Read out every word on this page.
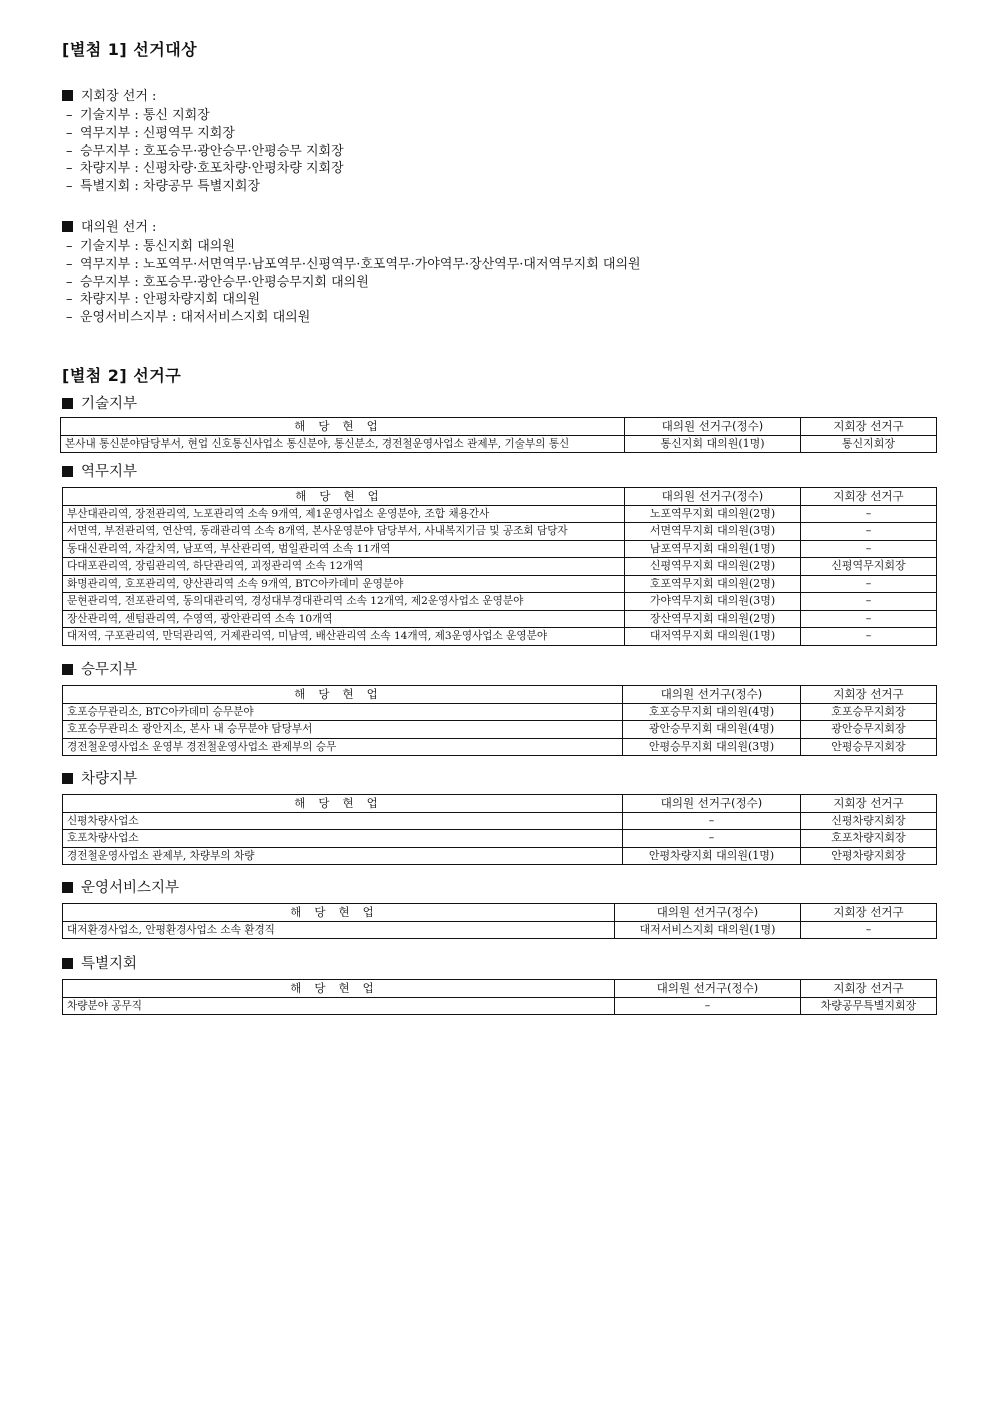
[별첨 1] 선거대상
지회장 선거 :
– 기술지부 : 통신 지회장
– 역무지부 : 신평역무 지회장
– 승무지부 : 호포승무·광안승무·안평승무 지회장
– 차량지부 : 신평차량·호포차량·안평차량 지회장
– 특별지회 : 차량공무 특별지회장
대의원 선거 :
– 기술지부 : 통신지회 대의원
– 역무지부 : 노포역무·서면역무·남포역무·신평역무·호포역무·가야역무·장산역무·대저역무지회 대의원
– 승무지부 : 호포승무·광안승무·안평승무지회 대의원
– 차량지부 : 안평차량지회 대의원
– 운영서비스지부 : 대저서비스지회 대의원
[별첨 2] 선거구
기술지부
해당현업	대의원 선거구(정수)	지회장 선거구
본사내 통신분야담당부서, 현업 신호통신사업소 통신분야, 통신분소, 경전철운영사업소 관제부, 기술부의 통신	통신지회 대의원(1명)	통신지회장
역무지부
해당현업	대의원 선거구(정수)	지회장 선거구
부산대관리역, 장전관리역, 노포관리역 소속 9개역, 제1운영사업소 운영분야, 조합 채용간사	노포역무지회 대의원(2명)	–
서면역, 부전관리역, 연산역, 동래관리역 소속 8개역, 본사운영분야 담당부서, 사내복지기금 및 공조회 담당자	서면역무지회 대의원(3명)	–
동대신관리역, 자갈치역, 남포역, 부산관리역, 범일관리역 소속 11개역	남포역무지회 대의원(1명)	–
다대포관리역, 장림관리역, 하단관리역, 괴정관리역 소속 12개역	신평역무지회 대의원(2명)	신평역무지회장
화명관리역, 호포관리역, 양산관리역 소속 9개역, BTC아카데미 운영분야	호포역무지회 대의원(2명)	–
문현관리역, 전포관리역, 동의대관리역, 경성대부경대관리역 소속 12개역, 제2운영사업소 운영분야	가야역무지회 대의원(3명)	–
장산관리역, 센텀관리역, 수영역, 광안관리역 소속 10개역	장산역무지회 대의원(2명)	–
대저역, 구포관리역, 만덕관리역, 거제관리역, 미남역, 배산관리역 소속 14개역, 제3운영사업소 운영분야	대저역무지회 대의원(1명)	–
승무지부
해당현업	대의원 선거구(정수)	지회장 선거구
호포승무관리소, BTC아카데미 승무분야	호포승무지회 대의원(4명)	호포승무지회장
호포승무관리소 광안지소, 본사 내 승무분야 담당부서	광안승무지회 대의원(4명)	광안승무지회장
경전철운영사업소 운영부 경전철운영사업소 관제부의 승무	안평승무지회 대의원(3명)	안평승무지회장
차량지부
해당현업	대의원 선거구(정수)	지회장 선거구
신평차량사업소	–	신평차량지회장
호포차량사업소	–	호포차량지회장
경전철운영사업소 관제부, 차량부의 차량	안평차량지회 대의원(1명)	안평차량지회장
운영서비스지부
해당현업	대의원 선거구(정수)	지회장 선거구
대저환경사업소, 안평환경사업소 소속 환경직	대저서비스지회 대의원(1명)	–
특별지회
해당현업	대의원 선거구(정수)	지회장 선거구
차량분야 공무직	–	차량공무특별지회장
